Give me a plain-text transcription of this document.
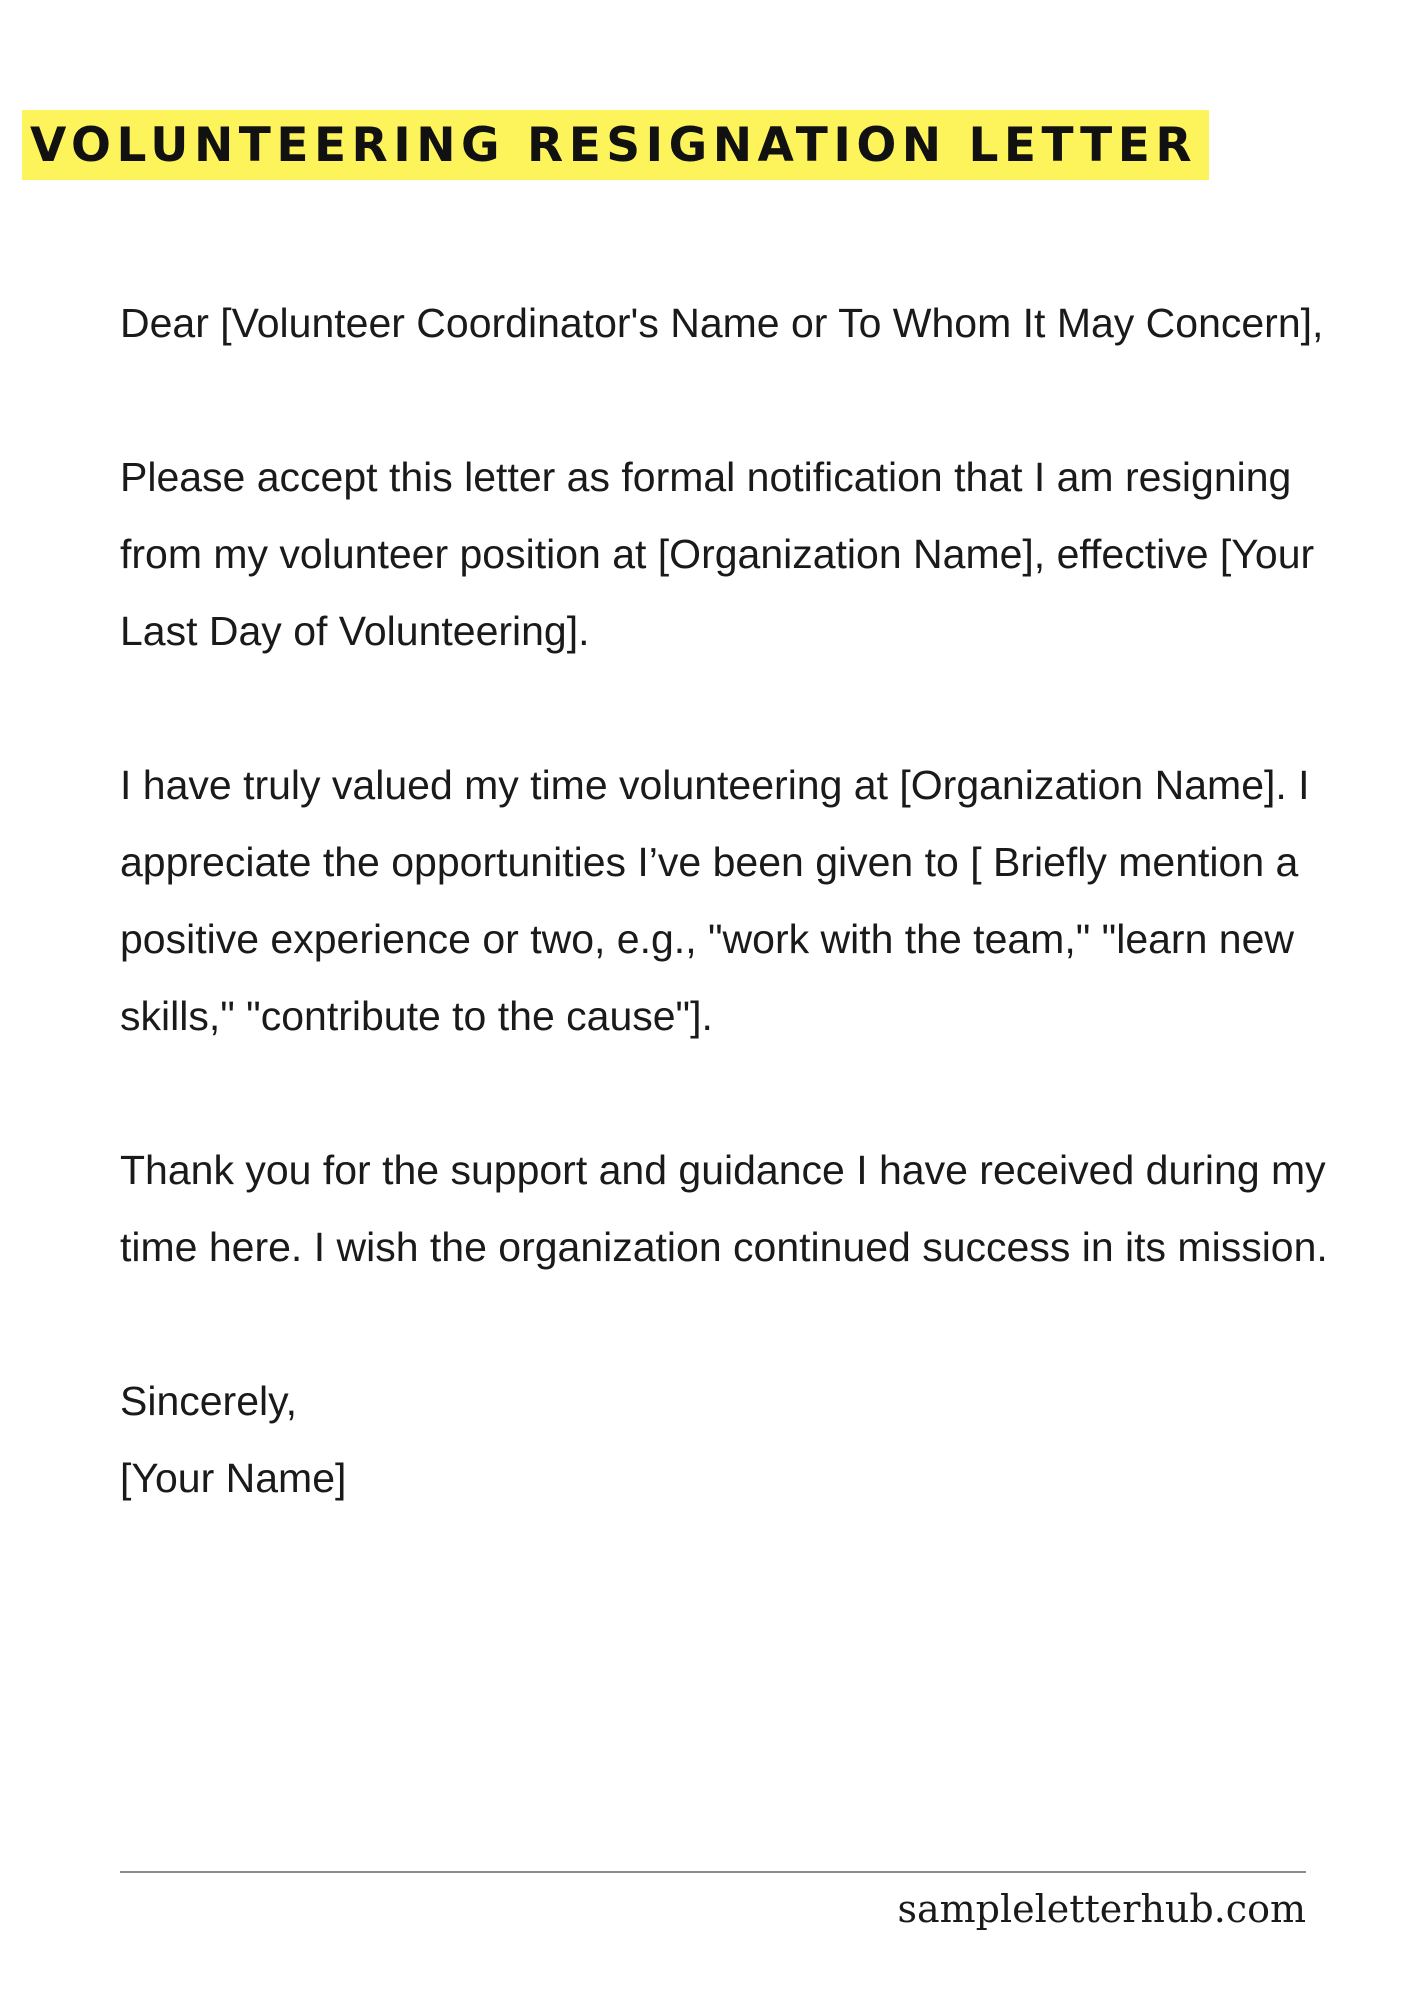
VOLUNTEERING RESIGNATION LETTER

Dear [Volunteer Coordinator's Name or To Whom It May Concern],

Please accept this letter as formal notification that I am resigning from my volunteer position at [Organization Name], effective [Your Last Day of Volunteering].

I have truly valued my time volunteering at [Organization Name]. I appreciate the opportunities I’ve been given to [ Briefly mention a positive experience or two, e.g., "work with the team," "learn new skills," "contribute to the cause"].

Thank you for the support and guidance I have received during my time here. I wish the organization continued success in its mission.

Sincerely,

[Your Name]

sampleletterhub.com
